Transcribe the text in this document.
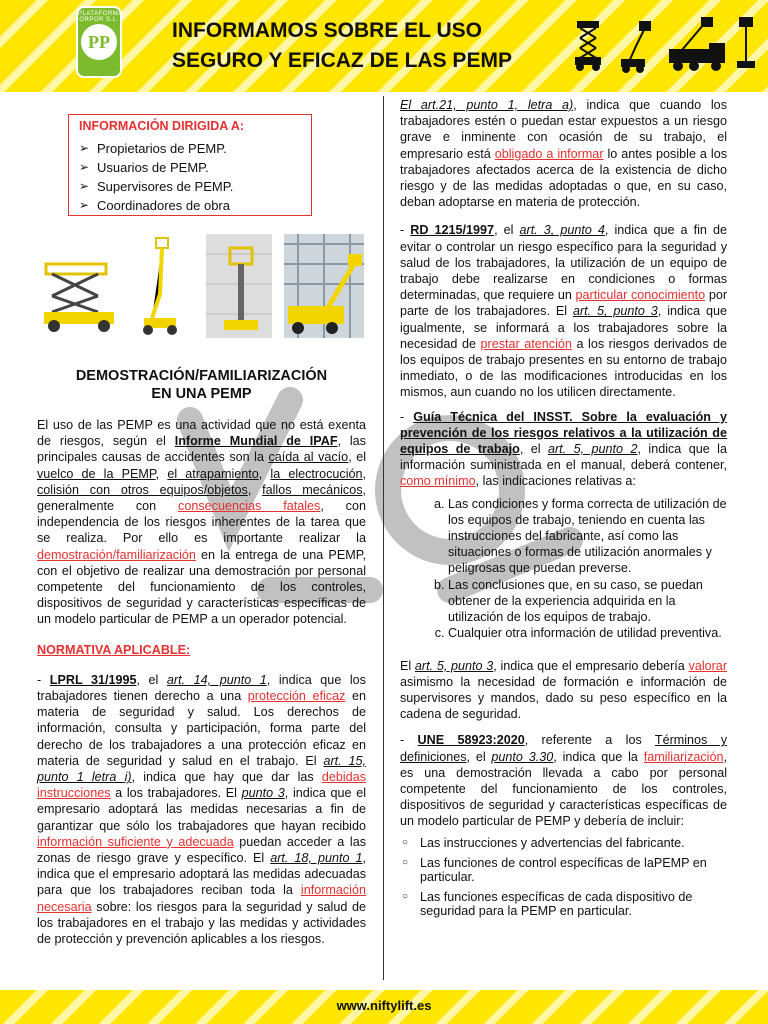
PLATAFORMAS ORPOR S.L.
PP	INFORMAMOS SOBRE EL USO
SEGURO Y EFICAZ DE LAS PEMP
INFORMACIÓN DIRIGIDA A:
➢ Propietarios de PEMP.
➢ Usuarios de PEMP.
➢ Supervisores de PEMP.
➢ Coordinadores de obra
DEMOSTRACIÓN/FAMILIARIZACIÓN
EN UNA PEMP

El uso de las PEMP es una actividad que no está exenta de riesgos, según el Informe Mundial de IPAF, las principales causas de accidentes son la caída al vacío, el vuelco de la PEMP, el atrapamiento, la electrocución, colisión con otros equipos/objetos, fallos mecánicos, generalmente con consecuencias fatales, con independencia de los riesgos inherentes de la tarea que se realiza. Por ello es importante realizar la demostración/familiarización en la entrega de una PEMP, con el objetivo de realizar una demostración por personal competente del funcionamiento de los controles, dispositivos de seguridad y características específicas de un modelo particular de PEMP a un operador potencial.

NORMATIVA APLICABLE:

- LPRL 31/1995, el art. 14, punto 1, indica que los trabajadores tienen derecho a una protección eficaz en materia de seguridad y salud. Los derechos de información, consulta y participación, forma parte del derecho de los trabajadores a una protección eficaz en materia de seguridad y salud en el trabajo. El art. 15, punto 1 letra i), indica que hay que dar las debidas instrucciones a los trabajadores. El punto 3, indica que el empresario adoptará las medidas necesarias a fin de garantizar que sólo los trabajadores que hayan recibido información suficiente y adecuada puedan acceder a las zonas de riesgo grave y específico. El art. 18, punto 1, indica que el empresario adoptará las medidas adecuadas para que los trabajadores reciban toda la información necesaria sobre: los riesgos para la seguridad y salud de los trabajadores en el trabajo y las medidas y actividades de protección y prevención aplicables a los riesgos.

El art.21, punto 1, letra a), indica que cuando los trabajadores estén o puedan estar expuestos a un riesgo grave e inminente con ocasión de su trabajo, el empresario está obligado a informar lo antes posible a los trabajadores afectados acerca de la existencia de dicho riesgo y de las medidas adoptadas o que, en su caso, deban adoptarse en materia de protección.

- RD 1215/1997, el art. 3, punto 4, indica que a fin de evitar o controlar un riesgo específico para la seguridad y salud de los trabajadores, la utilización de un equipo de trabajo debe realizarse en condiciones o formas determinadas, que requiere un particular conocimiento por parte de los trabajadores. El art. 5, punto 3, indica que igualmente, se informará a los trabajadores sobre la necesidad de prestar atención a los riesgos derivados de los equipos de trabajo presentes en su entorno de trabajo inmediato, o de las modificaciones introducidas en los mismos, aun cuando no los utilicen directamente.

- Guía Técnica del INSST. Sobre la evaluación y prevención de los riesgos relativos a la utilización de equipos de trabajo, el art. 5, punto 2, indica que la información suministrada en el manual, deberá contener, como mínimo, las indicaciones relativas a:

a. Las condiciones y forma correcta de utilización de los equipos de trabajo, teniendo en cuenta las instrucciones del fabricante, así como las situaciones o formas de utilización anormales y peligrosas que puedan preverse.
b. Las conclusiones que, en su caso, se puedan obtener de la experiencia adquirida en la utilización de los equipos de trabajo.
c. Cualquier otra información de utilidad preventiva.

El art. 5, punto 3, indica que el empresario debería valorar asimismo la necesidad de formación e información de supervisores y mandos, dado su peso específico en la cadena de seguridad.

- UNE 58923:2020, referente a los Términos y definiciones, el punto 3.30, indica que la familiarización, es una demostración llevada a cabo por personal competente del funcionamiento de los controles, dispositivos de seguridad y características específicas de un modelo particular de PEMP y debería de incluir:

○ Las instrucciones y advertencias del fabricante.
○ Las funciones de control específicas de laPEMP en particular.
○ Las funciones específicas de cada dispositivo de seguridad para la PEMP en particular.
www.niftylift.es
